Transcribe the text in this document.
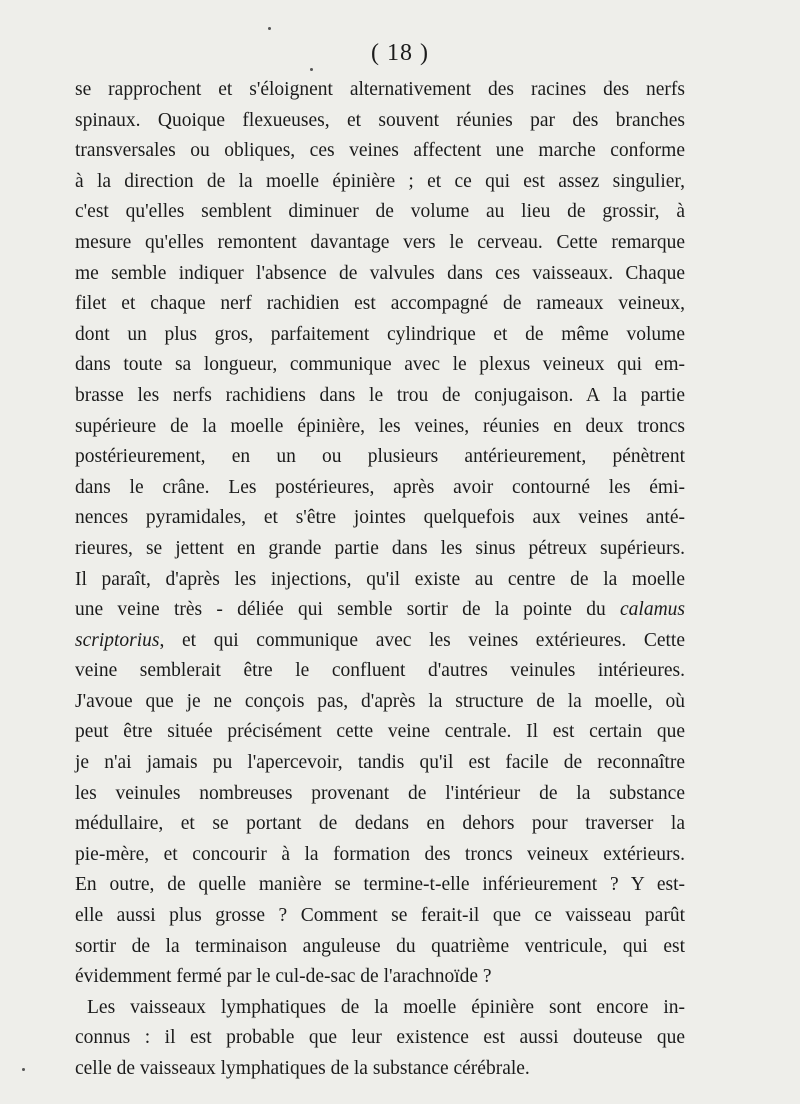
( 18 )
se rapprochent et s'éloignent alternativement des racines des nerfs
spinaux. Quoique flexueuses, et souvent réunies par des branches
transversales ou obliques, ces veines affectent une marche conforme
à la direction de la moelle épinière ; et ce qui est assez singulier,
c'est qu'elles semblent diminuer de volume au lieu de grossir, à
mesure qu'elles remontent davantage vers le cerveau. Cette remarque
me semble indiquer l'absence de valvules dans ces vaisseaux. Chaque
filet et chaque nerf rachidien est accompagné de rameaux veineux,
dont un plus gros, parfaitement cylindrique et de même volume
dans toute sa longueur, communique avec le plexus veineux qui em-
brasse les nerfs rachidiens dans le trou de conjugaison. A la partie
supérieure de la moelle épinière, les veines, réunies en deux troncs
postérieurement, en un ou plusieurs antérieurement, pénètrent
dans le crâne. Les postérieures, après avoir contourné les émi-
nences pyramidales, et s'être jointes quelquefois aux veines anté-
rieures, se jettent en grande partie dans les sinus pétreux supérieurs.
Il paraît, d'après les injections, qu'il existe au centre de la moelle
une veine très - déliée qui semble sortir de la pointe du calamus
scriptorius, et qui communique avec les veines extérieures. Cette
veine semblerait être le confluent d'autres veinules intérieures.
J'avoue que je ne conçois pas, d'après la structure de la moelle, où
peut être située précisément cette veine centrale. Il est certain que
je n'ai jamais pu l'apercevoir, tandis qu'il est facile de reconnaître
les veinules nombreuses provenant de l'intérieur de la substance
médullaire, et se portant de dedans en dehors pour traverser la
pie-mère, et concourir à la formation des troncs veineux extérieurs.
En outre, de quelle manière se termine-t-elle inférieurement ? Y est-
elle aussi plus grosse ? Comment se ferait-il que ce vaisseau parût
sortir de la terminaison anguleuse du quatrième ventricule, qui est
évidemment fermé par le cul-de-sac de l'arachnoïde ?
Les vaisseaux lymphatiques de la moelle épinière sont encore in-
connus : il est probable que leur existence est aussi douteuse que
celle de vaisseaux lymphatiques de la substance cérébrale.
